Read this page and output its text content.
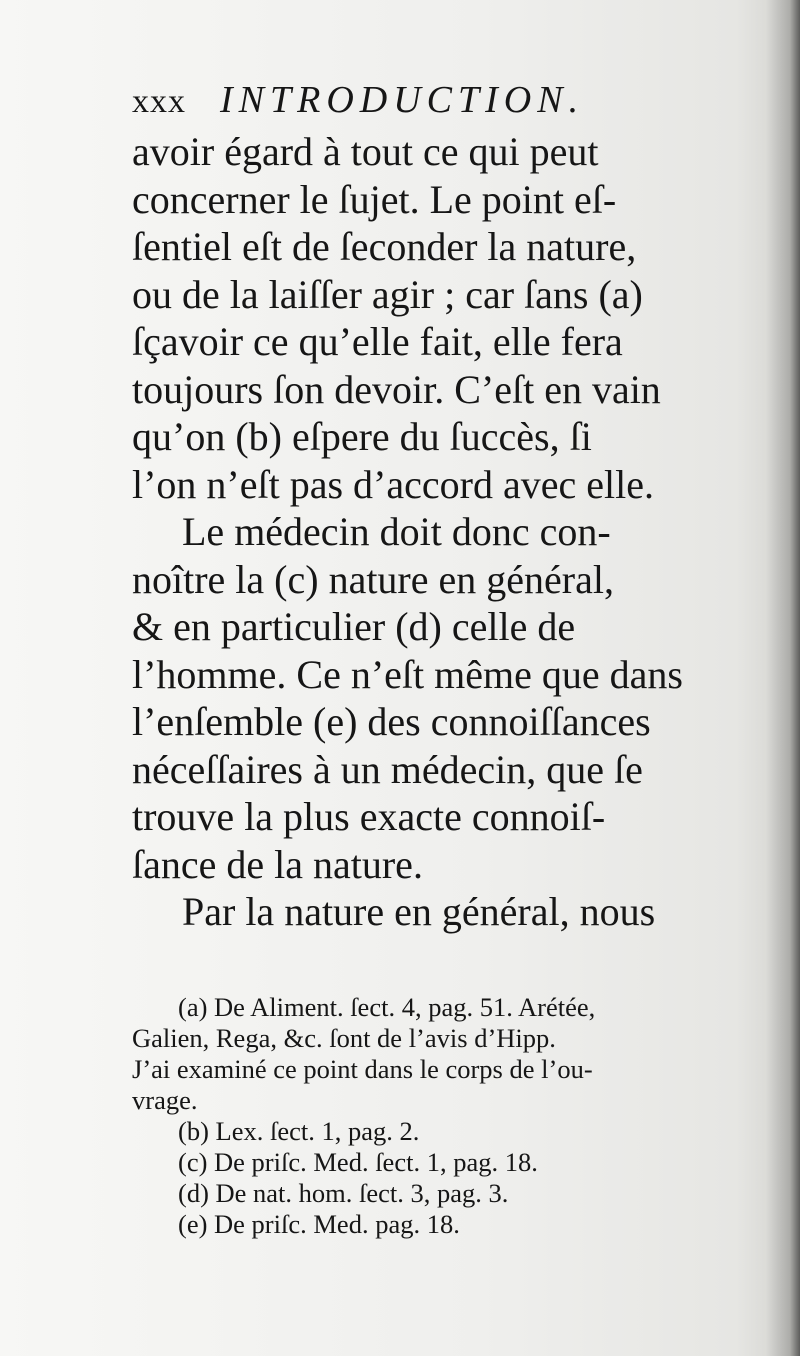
xxx INTRODUCTION.
avoir égard à tout ce qui peut
concerner le ſujet. Le point eſ-
ſentiel eſt de ſeconder la nature,
ou de la laiſſer agir ; car ſans (a)
ſçavoir ce qu’elle fait, elle fera
toujours ſon devoir. C’eſt en vain
qu’on (b) eſpere du ſuccès, ſi
l’on n’eſt pas d’accord avec elle.
Le médecin doit donc con-
noître la (c) nature en général,
& en particulier (d) celle de
l’homme. Ce n’eſt même que dans
l’enſemble (e) des connoiſſances
néceſſaires à un médecin, que ſe
trouve la plus exacte connoiſ-
ſance de la nature.
Par la nature en général, nous
(a) De Aliment. ſect. 4, pag. 51. Arétée,
Galien, Rega, &c. ſont de l’avis d’Hipp.
J’ai examiné ce point dans le corps de l’ou-
vrage.
(b) Lex. ſect. 1, pag. 2.
(c) De priſc. Med. ſect. 1, pag. 18.
(d) De nat. hom. ſect. 3, pag. 3.
(e) De priſc. Med. pag. 18.
